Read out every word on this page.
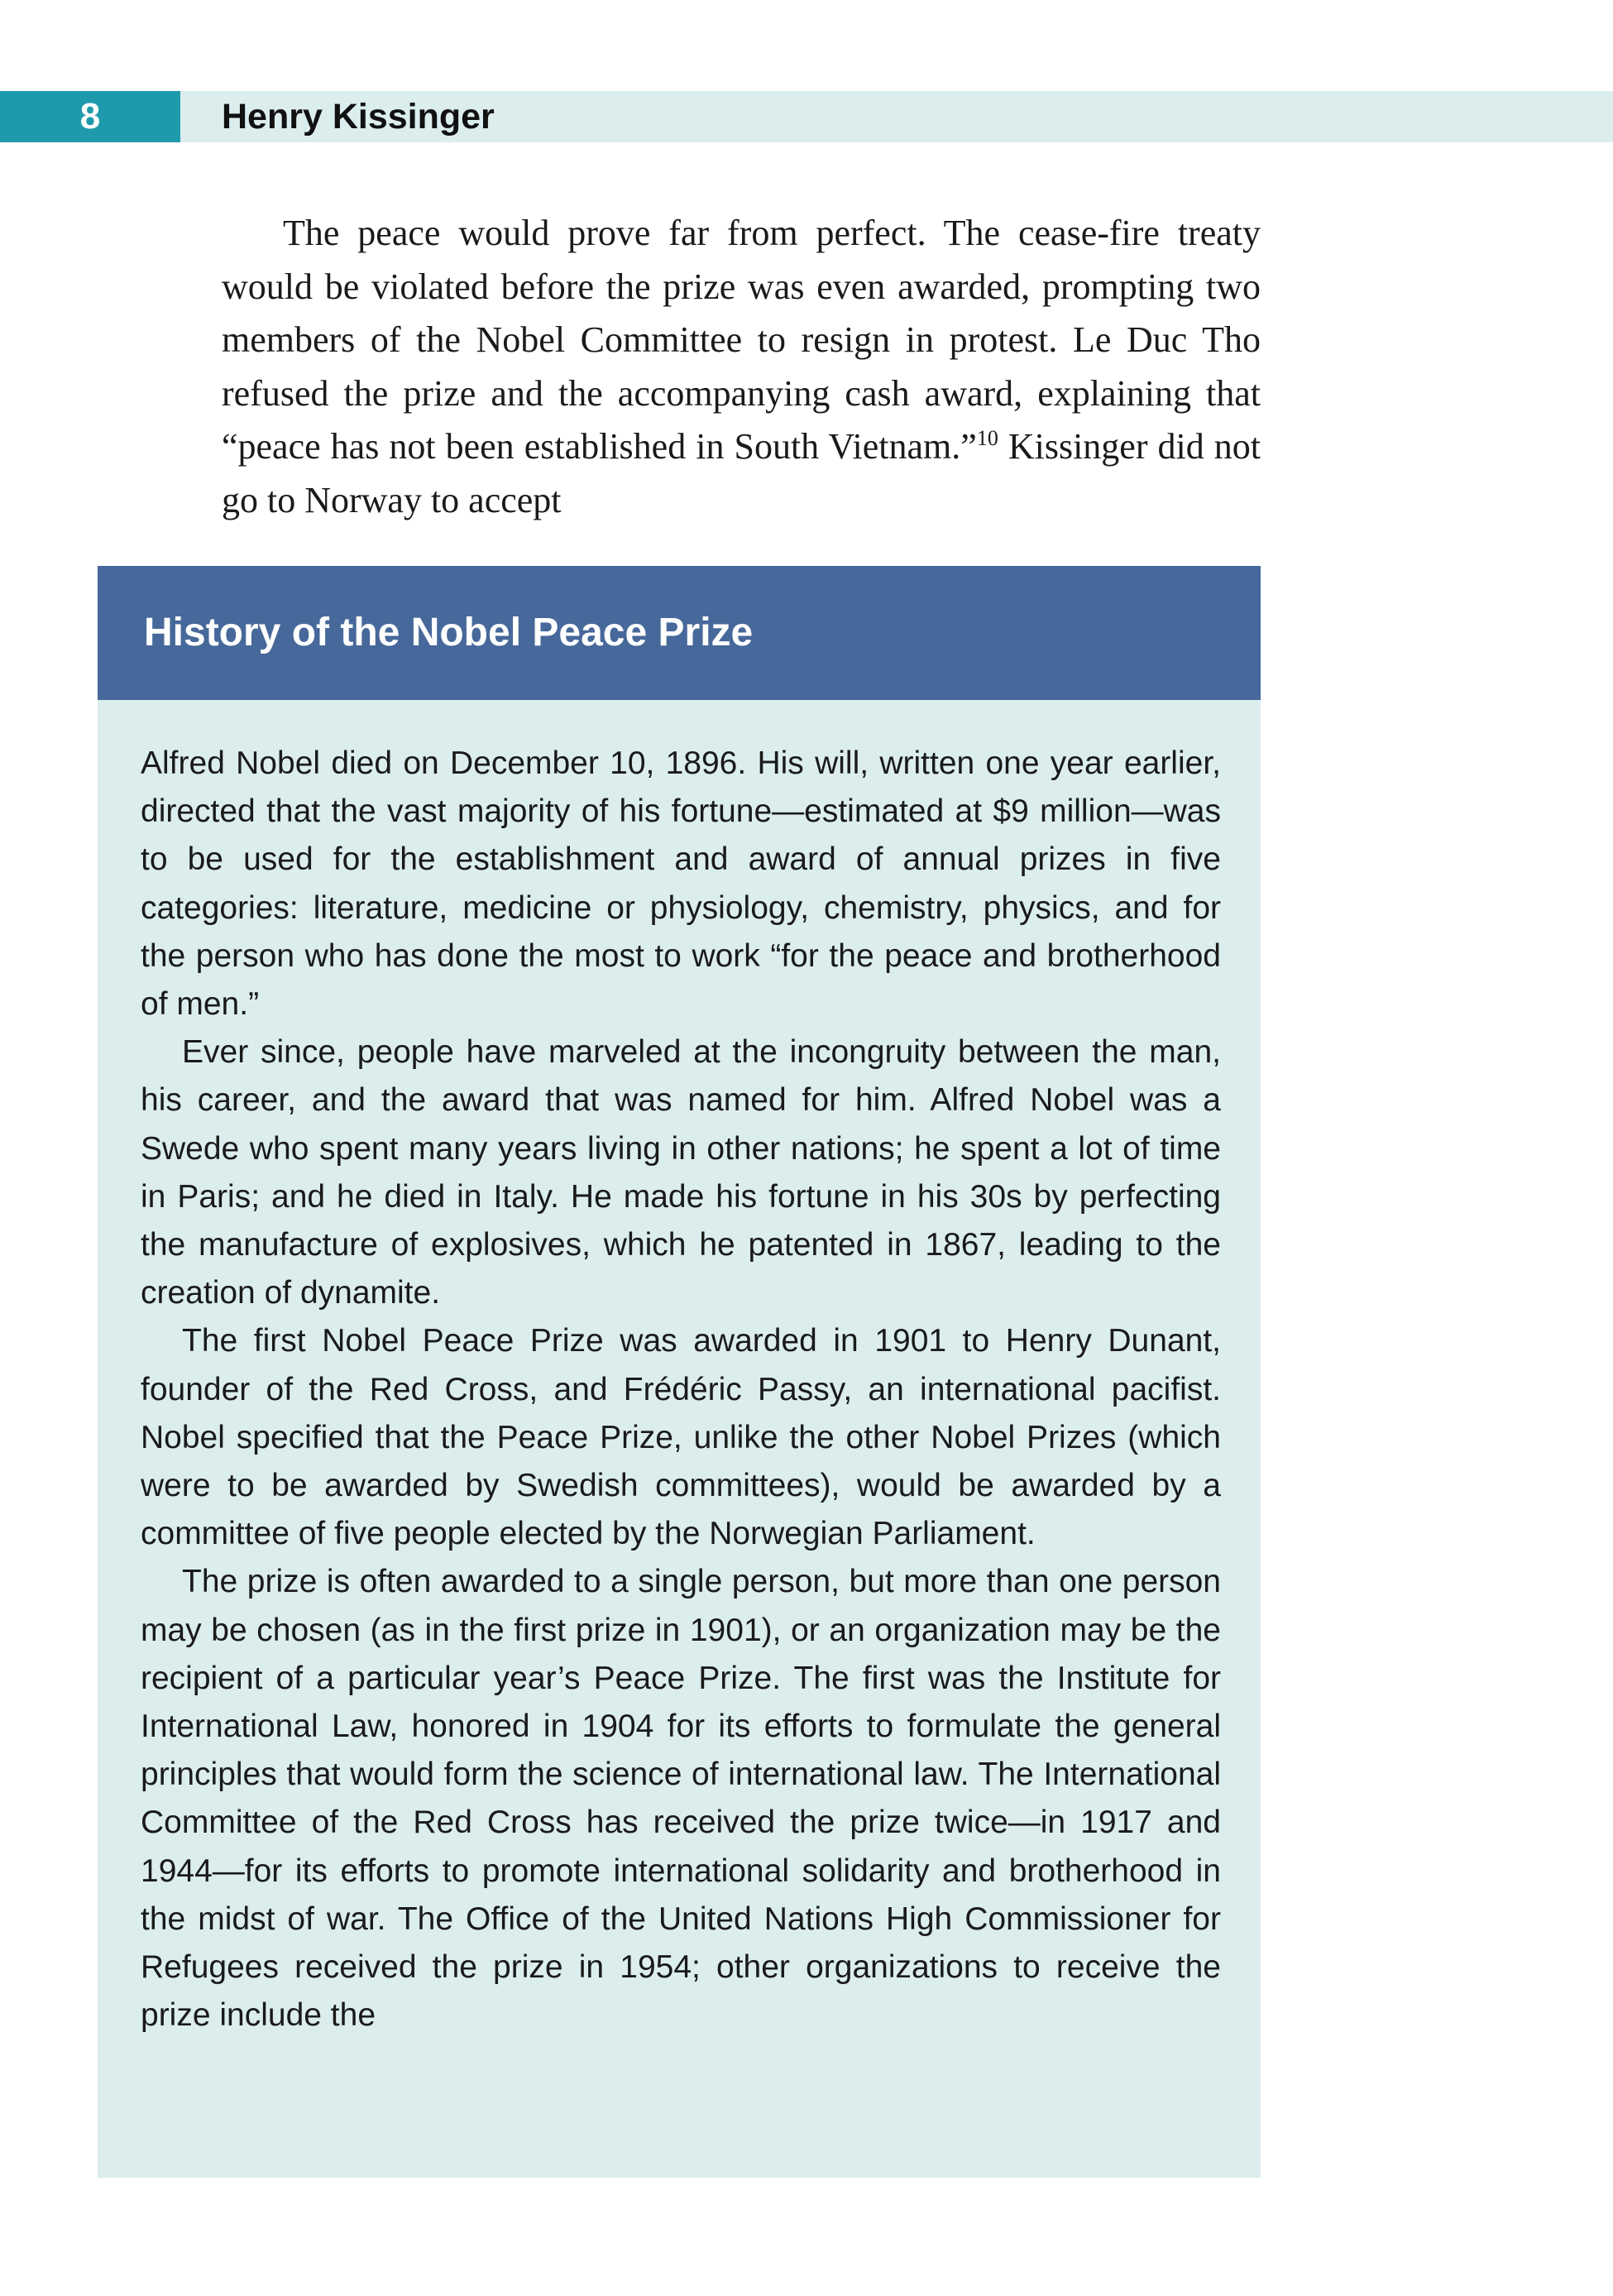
8	Henry Kissinger

The peace would prove far from perfect. The cease-fire treaty would be violated before the prize was even awarded, prompting two members of the Nobel Committee to resign in protest. Le Duc Tho refused the prize and the accompanying cash award, explaining that “peace has not been established in South Vietnam.”$^{10}$ Kissinger did not go to Norway to accept

History of the Nobel Peace Prize

Alfred Nobel died on December 10, 1896. His will, written one year earlier, directed that the vast majority of his fortune—estimated at $9 million—was to be used for the establishment and award of annual prizes in five categories: literature, medicine or physiology, chemistry, physics, and for the person who has done the most to work “for the peace and brotherhood of men.”

Ever since, people have marveled at the incongruity between the man, his career, and the award that was named for him. Alfred Nobel was a Swede who spent many years living in other nations; he spent a lot of time in Paris; and he died in Italy. He made his fortune in his 30s by perfecting the manufacture of explosives, which he patented in 1867, leading to the creation of dynamite.

The first Nobel Peace Prize was awarded in 1901 to Henry Dunant, founder of the Red Cross, and Frédéric Passy, an international pacifist. Nobel specified that the Peace Prize, unlike the other Nobel Prizes (which were to be awarded by Swedish committees), would be awarded by a committee of five people elected by the Norwegian Parliament.

The prize is often awarded to a single person, but more than one person may be chosen (as in the first prize in 1901), or an organization may be the recipient of a particular year’s Peace Prize. The first was the Institute for International Law, honored in 1904 for its efforts to formulate the general principles that would form the science of international law. The International Committee of the Red Cross has received the prize twice—in 1917 and 1944—for its efforts to promote international solidarity and brotherhood in the midst of war. The Office of the United Nations High Commissioner for Refugees received the prize in 1954; other organizations to receive the prize include the
